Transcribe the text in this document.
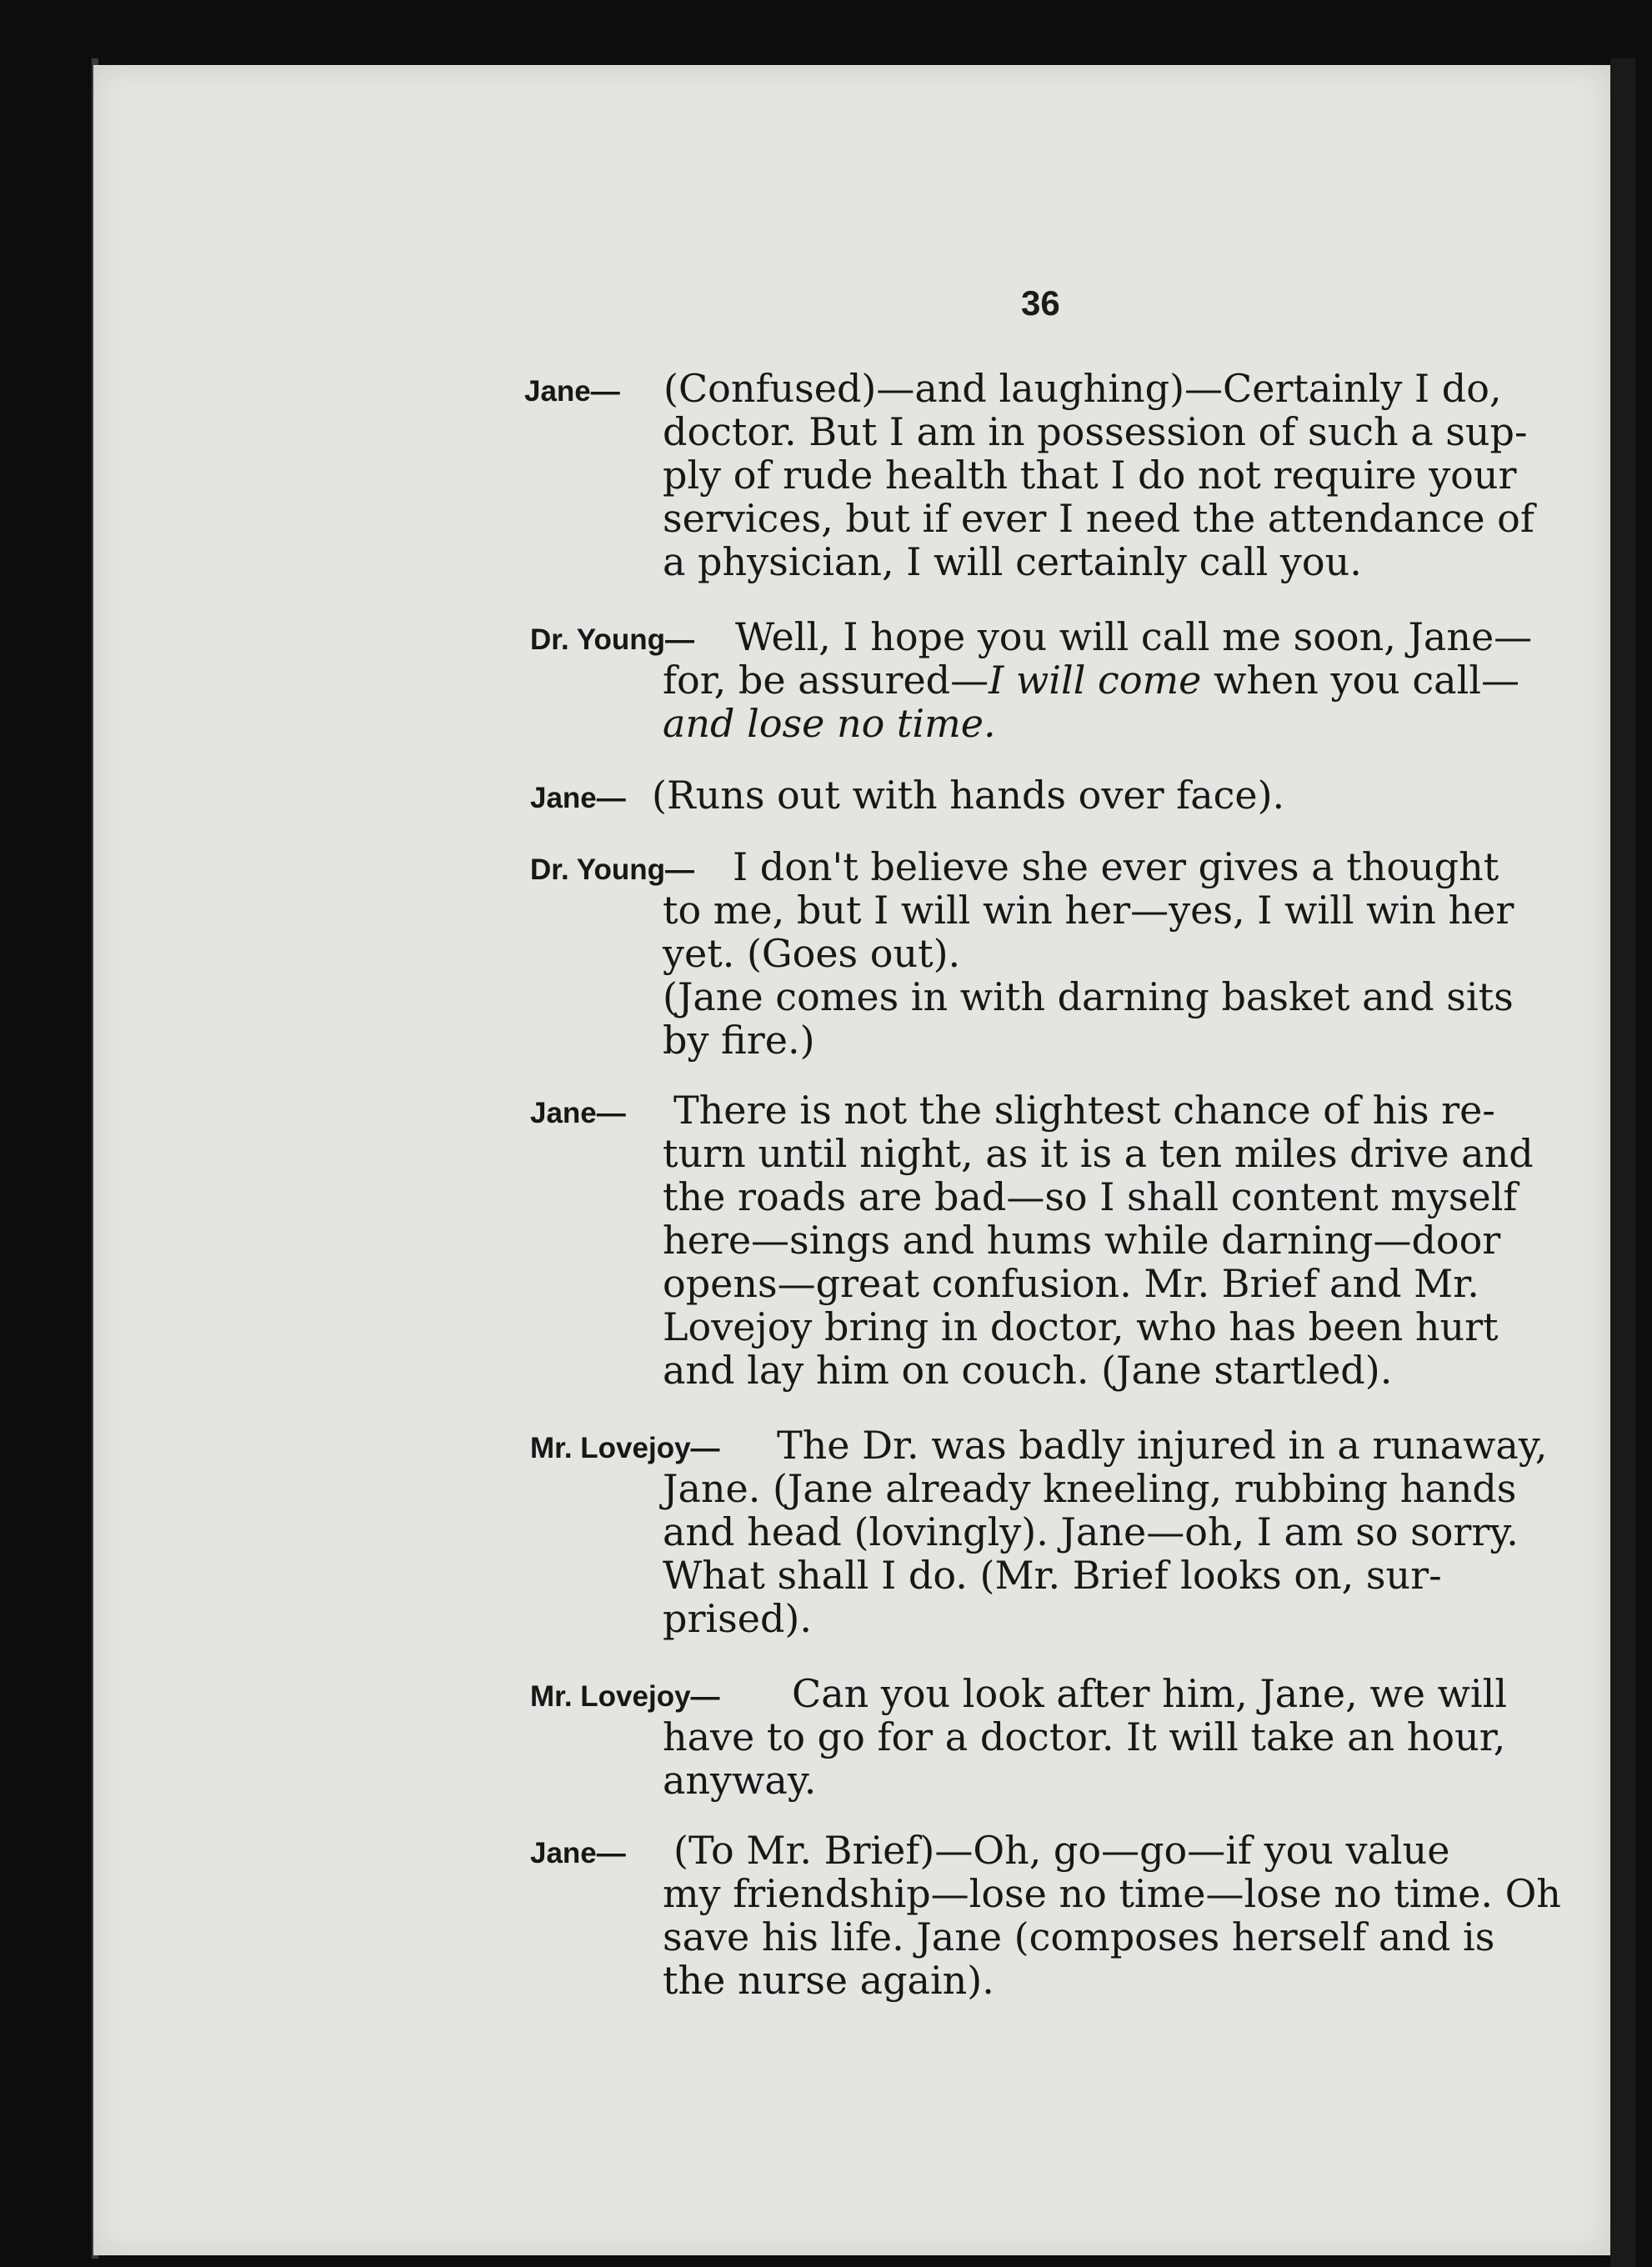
36
Jane—	(Confused)—and laughing)—Certainly I do,
doctor. But I am in possession of such a sup-
ply of rude health that I do not require your
services, but if ever I need the attendance of
a physician, I will certainly call you.
Dr. Young—	Well, I hope you will call me soon, Jane—
for, be assured—I will come when you call—
and lose no time.
Jane— (Runs out with hands over face).
Dr. Young— I don't believe she ever gives a thought
to me, but I will win her—yes, I will win her
yet. (Goes out).
(Jane comes in with darning basket and sits
by fire.)
Jane—	There is not the slightest chance of his re-
turn until night, as it is a ten miles drive and
the roads are bad—so I shall content myself
here—sings and hums while darning—door
opens—great confusion. Mr. Brief and Mr.
Lovejoy bring in doctor, who has been hurt
and lay him on couch. (Jane startled).
Mr. Lovejoy—	The Dr. was badly injured in a runaway,
Jane. (Jane already kneeling, rubbing hands
and head (lovingly). Jane—oh, I am so sorry.
What shall I do. (Mr. Brief looks on, sur-
prised).
Mr. Lovejoy—	Can you look after him, Jane, we will
have to go for a doctor. It will take an hour,
anyway.
Jane—	(To Mr. Brief)—Oh, go—go—if you value
my friendship—lose no time—lose no time. Oh
save his life. Jane (composes herself and is
the nurse again).
